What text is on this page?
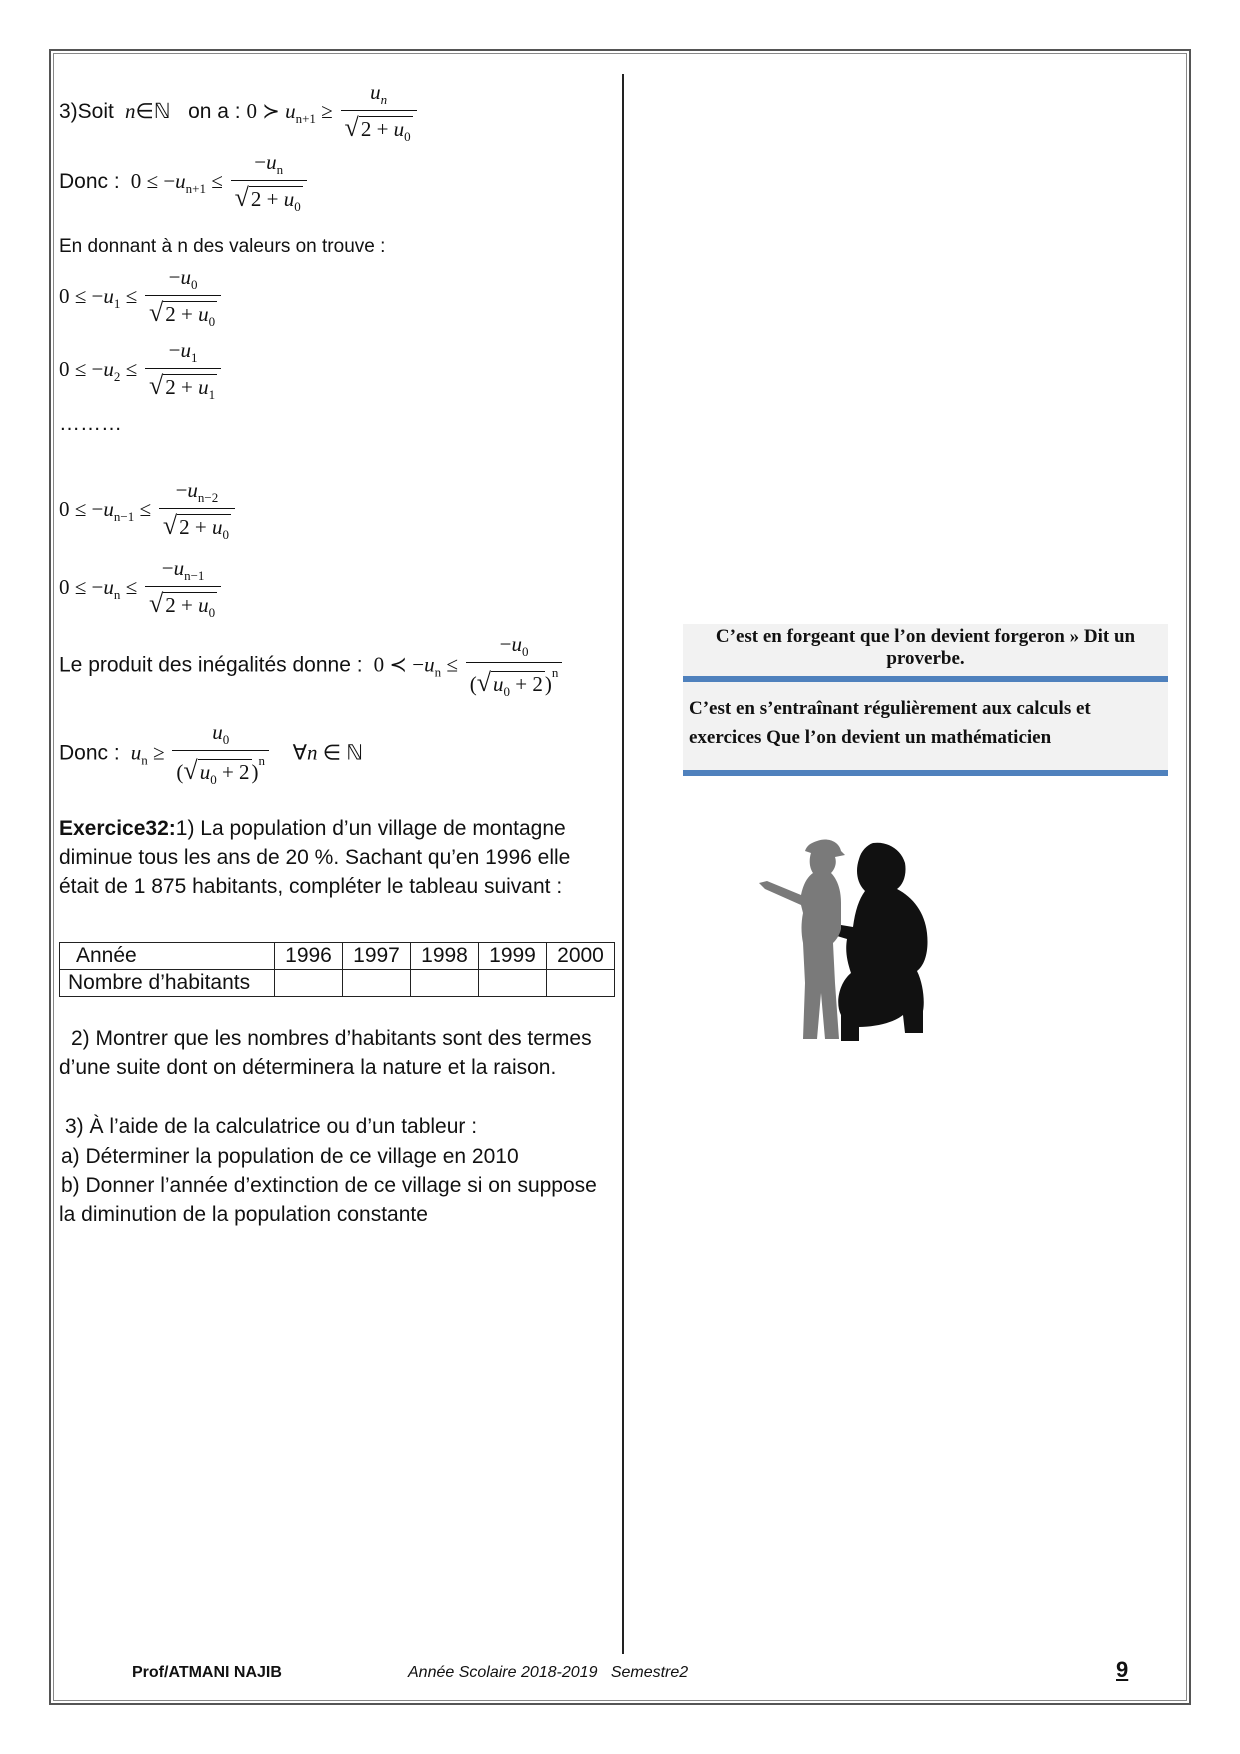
3)Soit  n∈ℕ on a : 0 ≻ $u_{n+1} \ge \frac{u_n}{√2 + u_0}$
Donc :  $0 \le -u_{n+1} \le \frac{-u_n}{√2 + u_0}$
En donnant à n des valeurs on trouve :
$0 \le -u_1 \le \frac{-u_0}{√2 + u_0}$
$0 \le -u_2 \le \frac{-u_1}{√2 + u_1}$
………
$0 \le -u_{n-1} \le \frac{-u_{n-2}}{√2 + u_0}$
$0 \le -u_n \le \frac{-u_{n-1}}{√2 + u_0}$
Le produit des inégalités donne :  0 ≺ $-u_n \le \frac{-u_0}{(√u_0 + 2)^n}$
Donc :  $u_n \ge \frac{u_0}{(√u_0 + 2)^n}$ ∀n ∈ ℕ
Exercice32:1) La population d’un village de montagne diminue tous les ans de 20 %. Sachant qu’en 1996 elle était de 1 875 habitants, compléter le tableau suivant :
Année	1996	1997	1998	1999	2000
Nombre d’habitants					
2) Montrer que les nombres d’habitants sont des termes d’une suite dont on déterminera la nature et la raison.
3) À l’aide de la calculatrice ou d’un tableur :
a) Déterminer la population de ce village en 2010
b) Donner l’année d’extinction de ce village si on suppose la diminution de la population constante
C’est en forgeant que l’on devient forgeron » Dit un proverbe.
C’est en s’entraînant régulièrement aux calculs et exercices Que l’on devient un mathématicien
Prof/ATMANI NAJIB	Année Scolaire 2018-2019   Semestre2	9
